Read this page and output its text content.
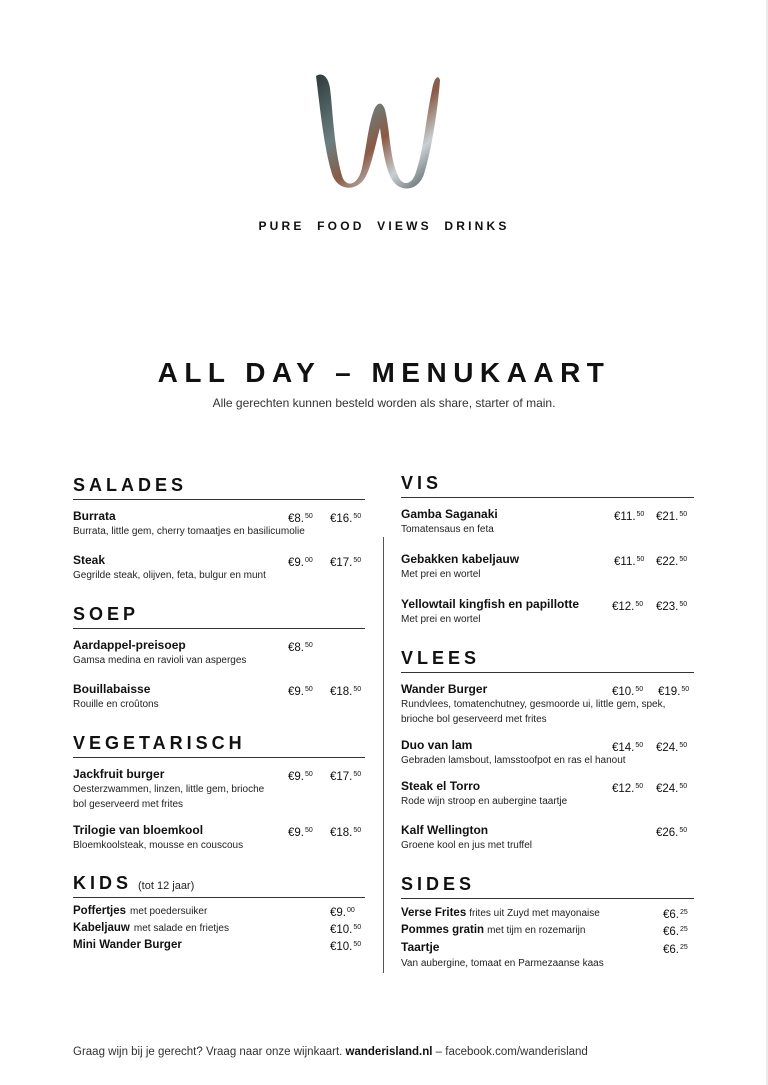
PURE FOOD VIEWS DRINKS
ALL DAY – MENUKAART
Alle gerechten kunnen besteld worden als share, starter of main.
SALADES
Burrata
Burrata, little gem, cherry tomaatjes en basilicumolie
€8.50 €16.50
Steak
Gegrilde steak, olijven, feta, bulgur en munt
€9.00 €17.50
SOEP
Aardappel-preisoep
Gamsa medina en ravioli van asperges
€8.50
Bouillabaisse
Rouille en croûtons
€9.50 €18.50
VEGETARISCH
Jackfruit burger
Oesterzwammen, linzen, little gem, brioche bol geserveerd met frites
€9.50 €17.50
Trilogie van bloemkool
Bloemkoolsteak, mousse en couscous
€9.50 €18.50
KIDS (tot 12 jaar)
Poffertjes met poedersuiker	€9.00
Kabeljauw met salade en frietjes	€10.50
Mini Wander Burger	€10.50
VIS
Gamba Saganaki
Tomatensaus en feta
€11.50 €21.50
Gebakken kabeljauw
Met prei en wortel
€11.50 €22.50
Yellowtail kingfish en papillotte
Met prei en wortel
€12.50 €23.50
VLEES
Wander Burger
Rundvlees, tomatenchutney, gesmoorde ui, little gem, spek, brioche bol geserveerd met frites
€10.50 €19.50
Duo van lam
Gebraden lamsbout, lamsstoofpot en ras el hanout
€14.50 €24.50
Steak el Torro
Rode wijn stroop en aubergine taartje
€12.50 €24.50
Kalf Wellington
Groene kool en jus met truffel
€26.50
SIDES
Verse Frites frites uit Zuyd met mayonaise	€6.25
Pommes gratin met tijm en rozemarijn	€6.25
Taartje
Van aubergine, tomaat en Parmezaanse kaas
€6.25
Graag wijn bij je gerecht? Vraag naar onze wijnkaart. wanderisland.nl – facebook.com/wanderisland
